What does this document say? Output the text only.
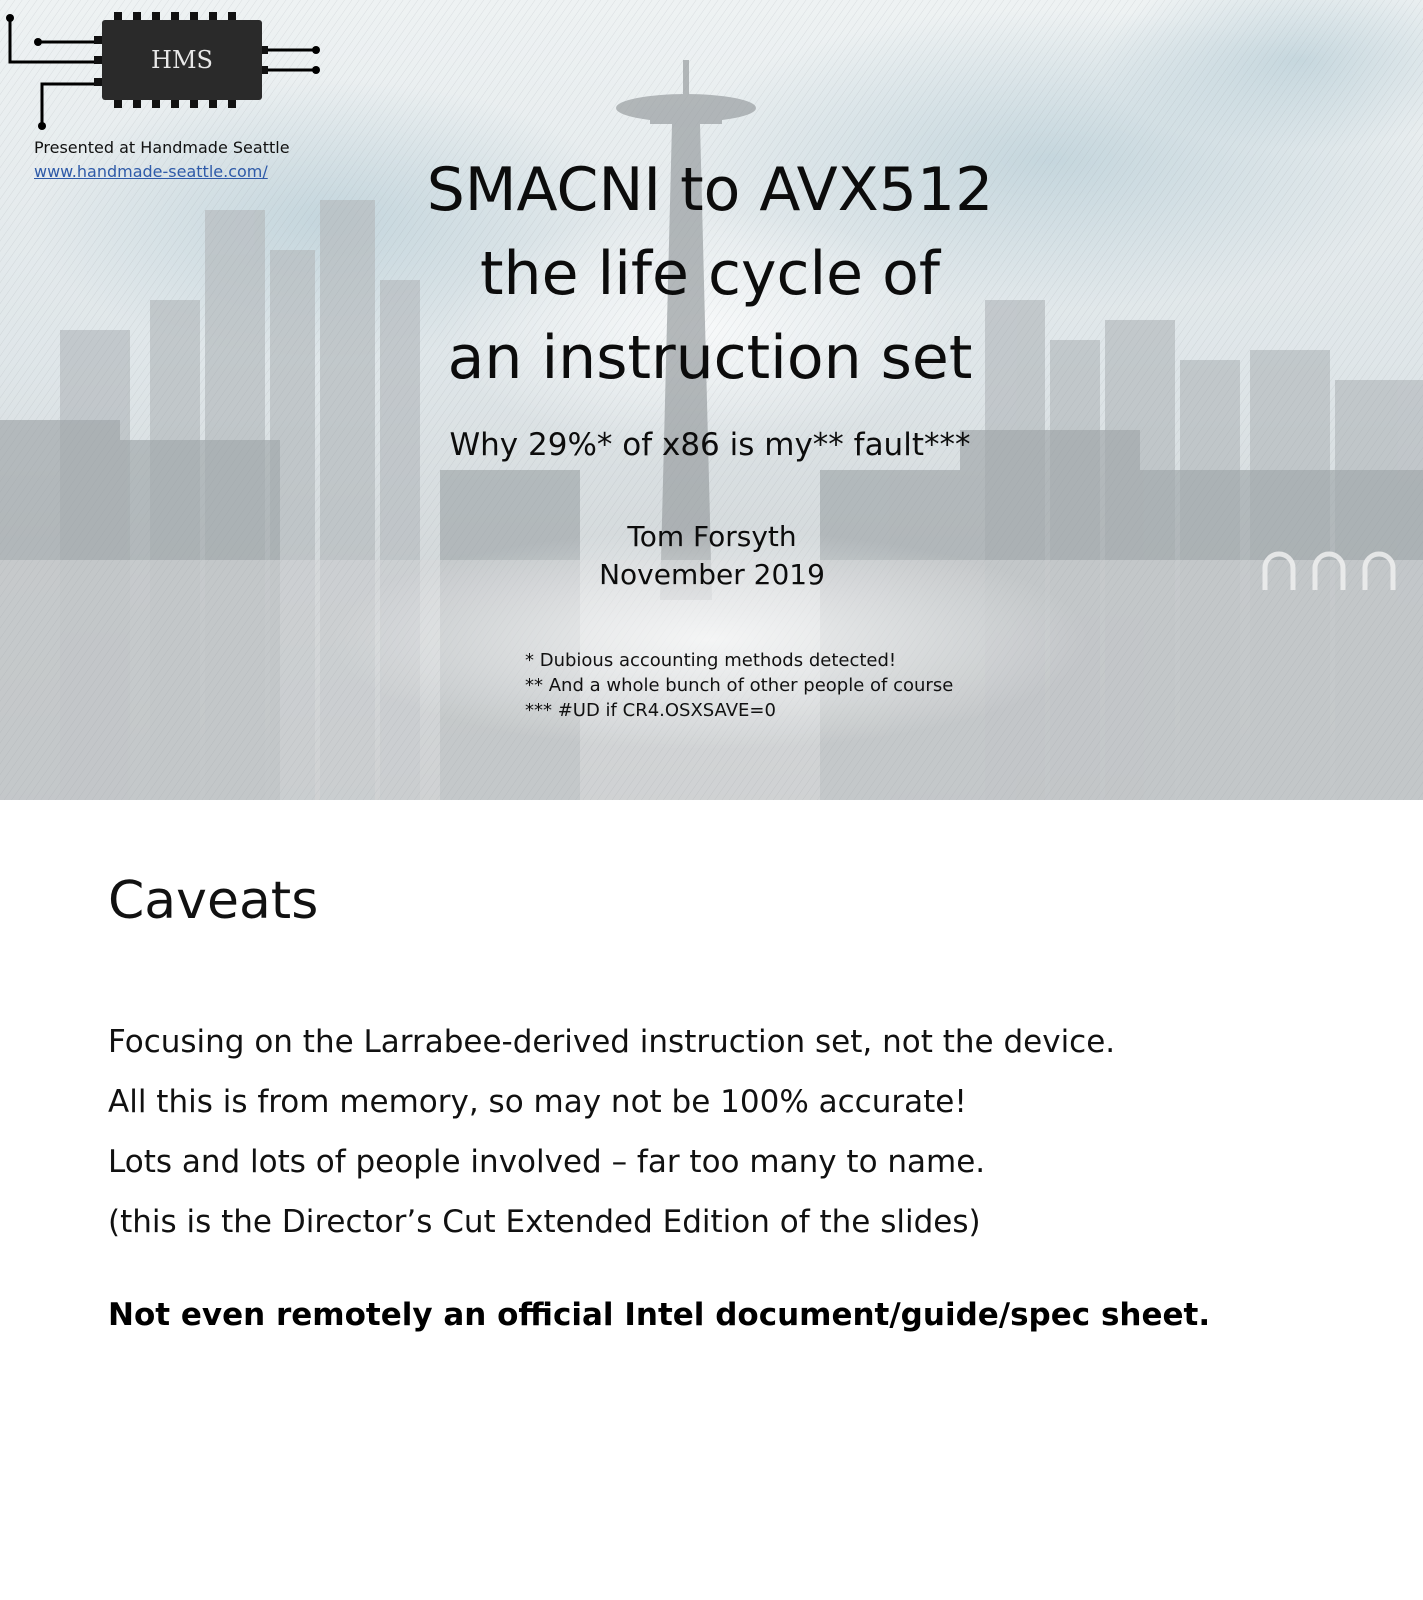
HMS
Presented at Handmade Seattle
www.handmade-seattle.com/	SMACNI to AVX512
the life cycle of
an instruction set
Why 29%* of x86 is my** fault***
Tom Forsyth
November 2019
* Dubious accounting methods detected!
** And a whole bunch of other people of course
*** #UD if CR4.OSXSAVE=0
Caveats
Focusing on the Larrabee-derived instruction set, not the device.
All this is from memory, so may not be 100% accurate!
Lots and lots of people involved – far too many to name.
(this is the Director’s Cut Extended Edition of the slides)
Not even remotely an official Intel document/guide/spec sheet.
